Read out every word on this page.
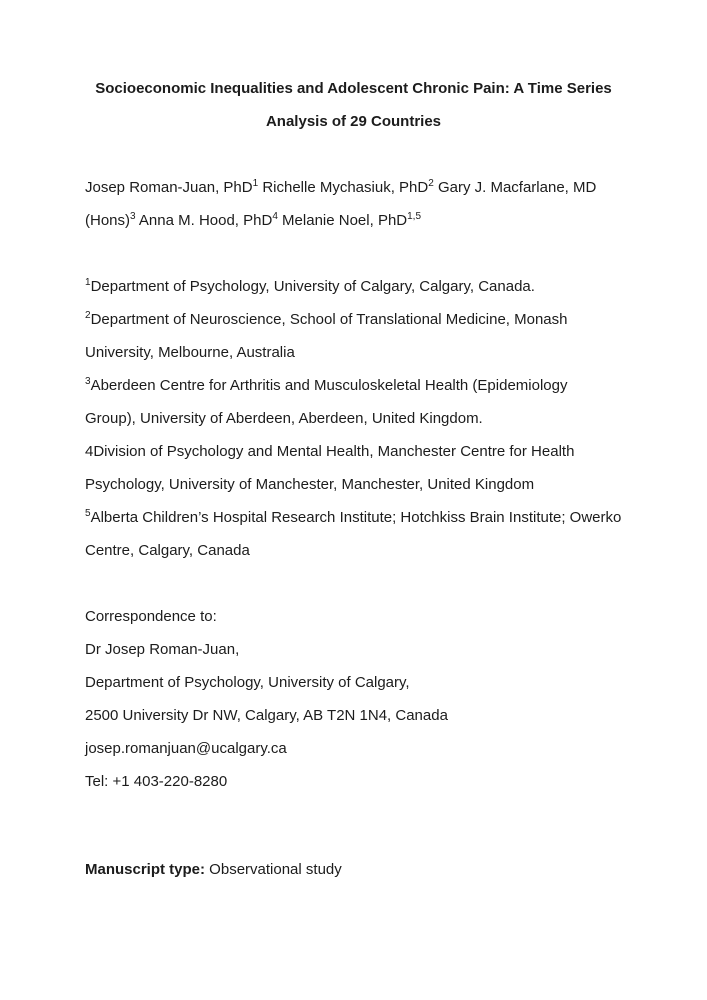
Socioeconomic Inequalities and Adolescent Chronic Pain: A Time Series

Analysis of 29 Countries

Josep Roman-Juan, PhD$^1$ Richelle Mychasiuk, PhD$^2$ Gary J. Macfarlane, MD (Hons)$^3$ Anna M. Hood, PhD$^4$ Melanie Noel, PhD$^{1,5}$

$^1$Department of Psychology, University of Calgary, Calgary, Canada.

$^2$Department of Neuroscience, School of Translational Medicine, Monash University, Melbourne, Australia

$^3$Aberdeen Centre for Arthritis and Musculoskeletal Health (Epidemiology Group), University of Aberdeen, Aberdeen, United Kingdom.

4Division of Psychology and Mental Health, Manchester Centre for Health Psychology, University of Manchester, Manchester, United Kingdom

$^5$Alberta Children’s Hospital Research Institute; Hotchkiss Brain Institute; Owerko Centre, Calgary, Canada

Correspondence to:

Dr Josep Roman-Juan,

Department of Psychology, University of Calgary,

2500 University Dr NW, Calgary, AB T2N 1N4, Canada

josep.romanjuan@ucalgary.ca

Tel: +1 403-220-8280

Manuscript type: Observational study
